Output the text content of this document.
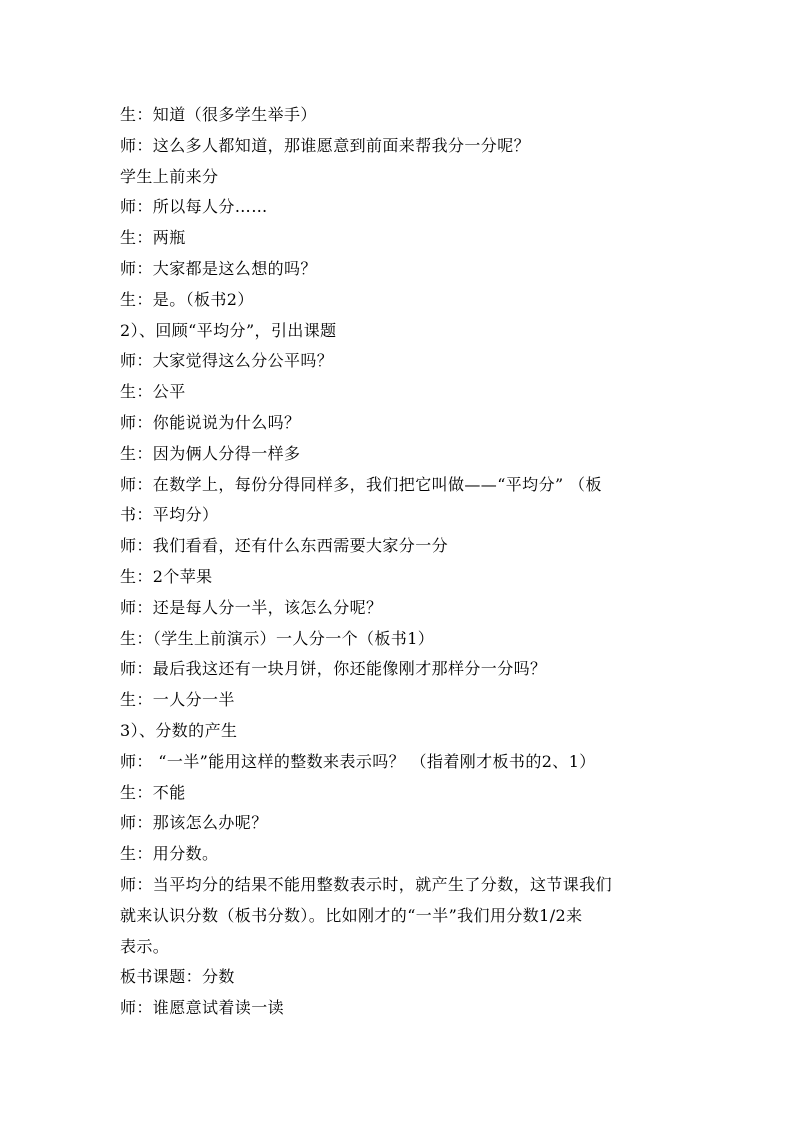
生：知道（很多学生举手）
师：这么多人都知道，那谁愿意到前面来帮我分一分呢？
学生上前来分
师：所以每人分……
生：两瓶
师：大家都是这么想的吗？
生：是。（板书2）
2）、回顾“平均分”，引出课题
师：大家觉得这么分公平吗？
生：公平
师：你能说说为什么吗？
生：因为俩人分得一样多
师：在数学上，每份分得同样多，我们把它叫做——“平均分” （板
书：平均分）
师：我们看看，还有什么东西需要大家分一分
生：2个苹果
师：还是每人分一半，该怎么分呢？
生：（学生上前演示）一人分一个（板书1）
师：最后我这还有一块月饼，你还能像刚才那样分一分吗？
生：一人分一半
3）、分数的产生
师： “一半”能用这样的整数来表示吗？ （指着刚才板书的2、1）
生：不能
师：那该怎么办呢？
生：用分数。
师：当平均分的结果不能用整数表示时，就产生了分数，这节课我们
就来认识分数（板书分数）。比如刚才的“一半”我们用分数1/2来
表示。
板书课题：分数
师：谁愿意试着读一读
